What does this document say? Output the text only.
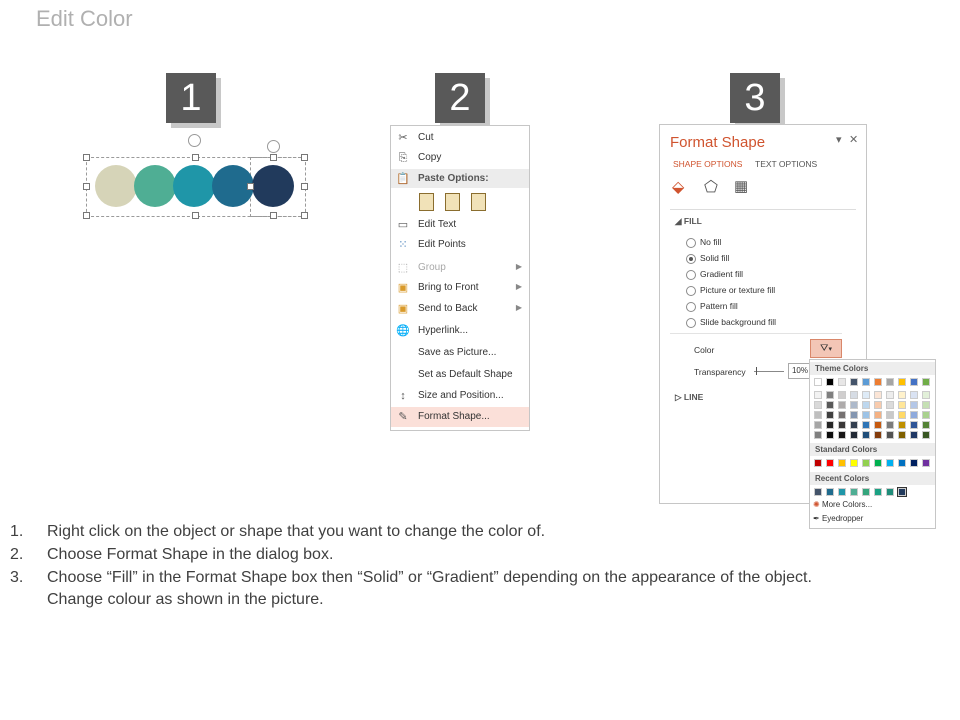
Edit Color
1	2	3
✂ Cut
⎘ Copy
📋 Paste Options:
▭ Edit Text
⁙ Edit Points
⬚ Group	▶
▣ Bring to Front	▶
▣ Send to Back	▶
🌐 Hyperlink...
Save as Picture...
Set as Default Shape
↕	Size and Position...
✎ Format Shape...
Format Shape	▾ ✕
SHAPE OPTIONS TEXT OPTIONS
⬙ ⬠ ▦
◢ FILL
No fill
Solid fill
Gradient fill
Picture or texture fill
Pattern fill
Slide background fill
Color	⛛▾
Transparency	10%
▷ LINE
Theme Colors
Standard Colors
Recent Colors
✺ More Colors...
✒ Eyedropper
1. Right click on the object or shape that you want to change the color of.
2. Choose Format Shape in the dialog box.
3. Choose “Fill” in the Format Shape box then “Solid” or “Gradient” depending on the appearance of the object.
Change colour as shown in the picture.
